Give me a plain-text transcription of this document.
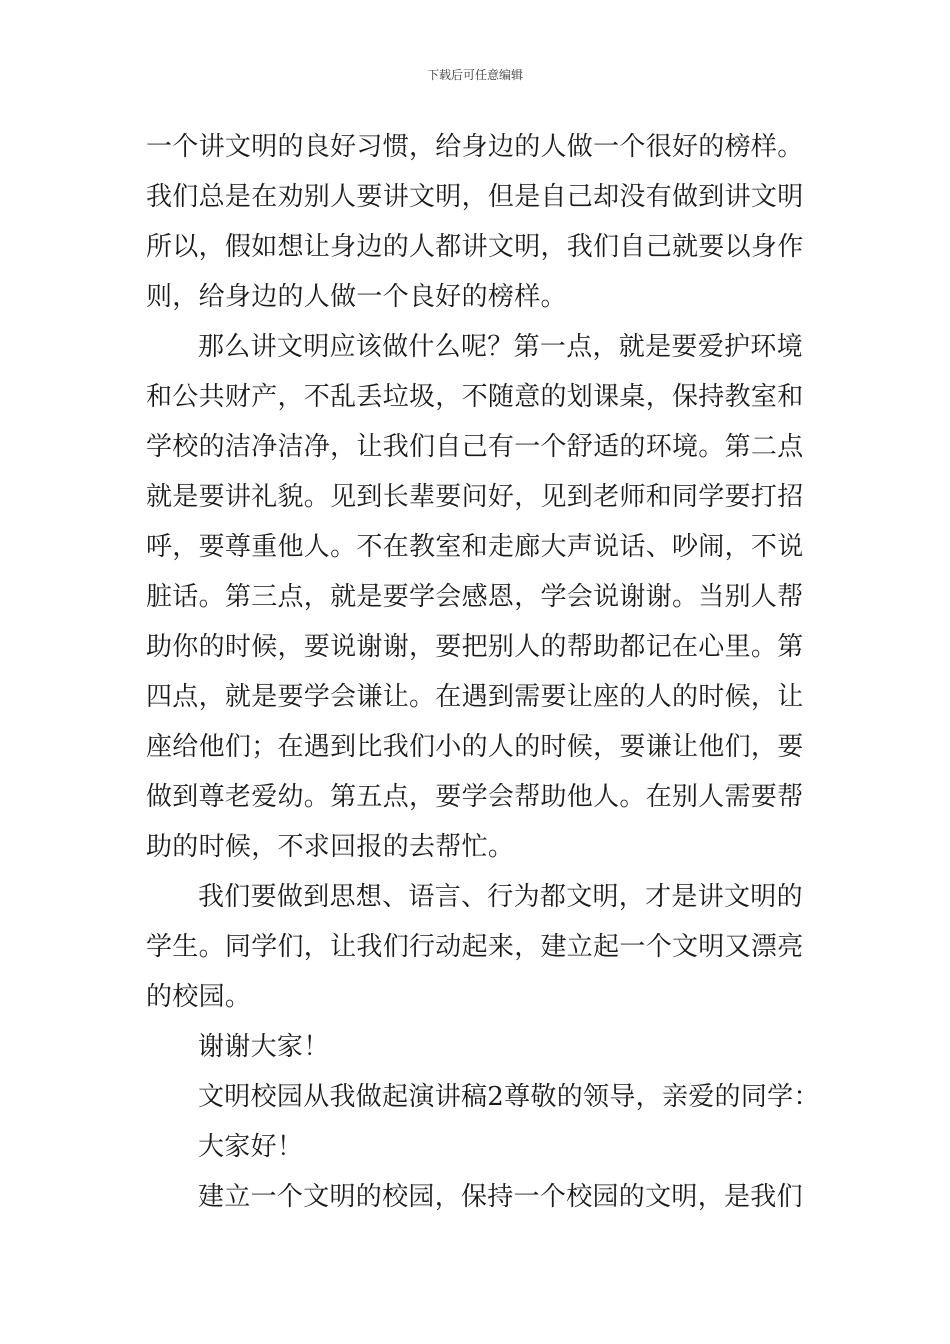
下载后可任意编辑
一个讲文明的良好习惯，给身边的人做一个很好的榜样。
我们总是在劝别人要讲文明，但是自己却没有做到讲文明
所以，假如想让身边的人都讲文明，我们自己就要以身作
则，给身边的人做一个良好的榜样。
那么讲文明应该做什么呢？第一点，就是要爱护环境
和公共财产，不乱丢垃圾，不随意的划课桌，保持教室和
学校的洁净洁净，让我们自己有一个舒适的环境。第二点
就是要讲礼貌。见到长辈要问好，见到老师和同学要打招
呼，要尊重他人。不在教室和走廊大声说话、吵闹，不说
脏话。第三点，就是要学会感恩，学会说谢谢。当别人帮
助你的时候，要说谢谢，要把别人的帮助都记在心里。第
四点，就是要学会谦让。在遇到需要让座的人的时候，让
座给他们；在遇到比我们小的人的时候，要谦让他们，要
做到尊老爱幼。第五点，要学会帮助他人。在别人需要帮
助的时候，不求回报的去帮忙。
我们要做到思想、语言、行为都文明，才是讲文明的
学生。同学们，让我们行动起来，建立起一个文明又漂亮
的校园。
谢谢大家！
文明校园从我做起演讲稿2尊敬的领导，亲爱的同学：
大家好！
建立一个文明的校园，保持一个校园的文明，是我们
